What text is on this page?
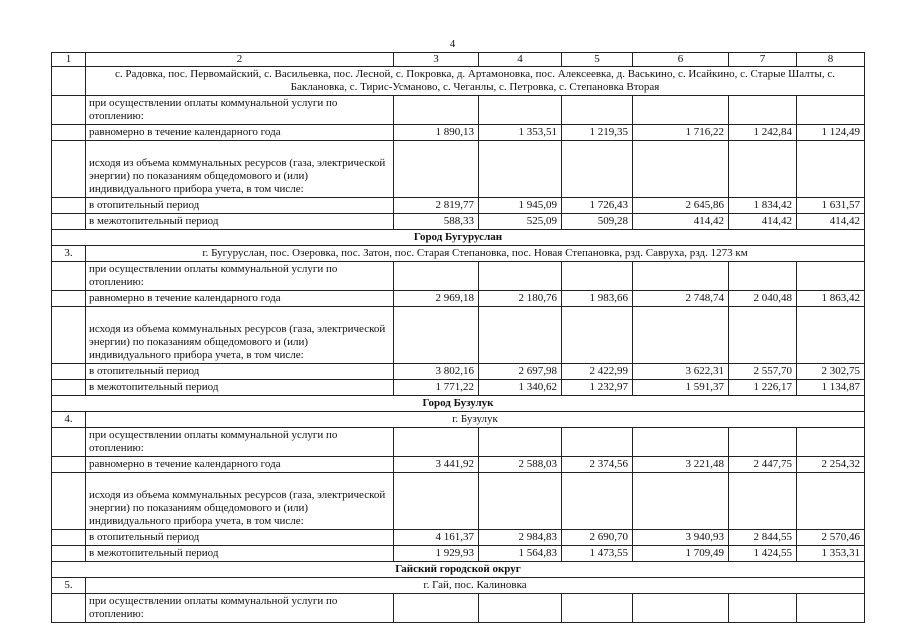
4
1	2	3	4	5	6	7	8
	с. Радовка, пос. Первомайский, с. Васильевка, пос. Лесной, с. Покровка, д. Артамоновка, пос. Алексеевка, д. Васькино, с. Исайкино, с. Старые Шалты, с. Баклановка, с. Тирис-Усманово, с. Чеганлы, с. Петровка, с. Степановка Вторая						
	при осуществлении оплаты коммунальной услуги по отоплению:						
	равномерно в течение календарного года	1 890,13	1 353,51	1 219,35	1 716,22	1 242,84	1 124,49
	исходя из объема коммунальных ресурсов (газа, электрической энергии) по показаниям общедомового и (или) индивидуального прибора учета, в том числе:						
	в отопительный период	2 819,77	1 945,09	1 726,43	2 645,86	1 834,42	1 631,57
	в межотопительный период	588,33	525,09	509,28	414,42	414,42	414,42
Город Бугуруслан							
3.	г. Бугуруслан, пос. Озеровка, пос. Затон, пос. Старая Степановка, пос. Новая Степановка, рзд. Савруха, рзд. 1273 км						
	при осуществлении оплаты коммунальной услуги по отоплению:						
	равномерно в течение календарного года	2 969,18	2 180,76	1 983,66	2 748,74	2 040,48	1 863,42
	исходя из объема коммунальных ресурсов (газа, электрической энергии) по показаниям общедомового и (или) индивидуального прибора учета, в том числе:						
	в отопительный период	3 802,16	2 697,98	2 422,99	3 622,31	2 557,70	2 302,75
	в межотопительный период	1 771,22	1 340,62	1 232,97	1 591,37	1 226,17	1 134,87
Город Бузулук							
4.	г. Бузулук						
	при осуществлении оплаты коммунальной услуги по отоплению:						
	равномерно в течение календарного года	3 441,92	2 588,03	2 374,56	3 221,48	2 447,75	2 254,32
	исходя из объема коммунальных ресурсов (газа, электрической энергии) по показаниям общедомового и (или) индивидуального прибора учета, в том числе:						
	в отопительный период	4 161,37	2 984,83	2 690,70	3 940,93	2 844,55	2 570,46
	в межотопительный период	1 929,93	1 564,83	1 473,55	1 709,49	1 424,55	1 353,31
Гайский городской округ							
5.	г. Гай, пос. Калиновка						
	при осуществлении оплаты коммунальной услуги по отоплению:						
